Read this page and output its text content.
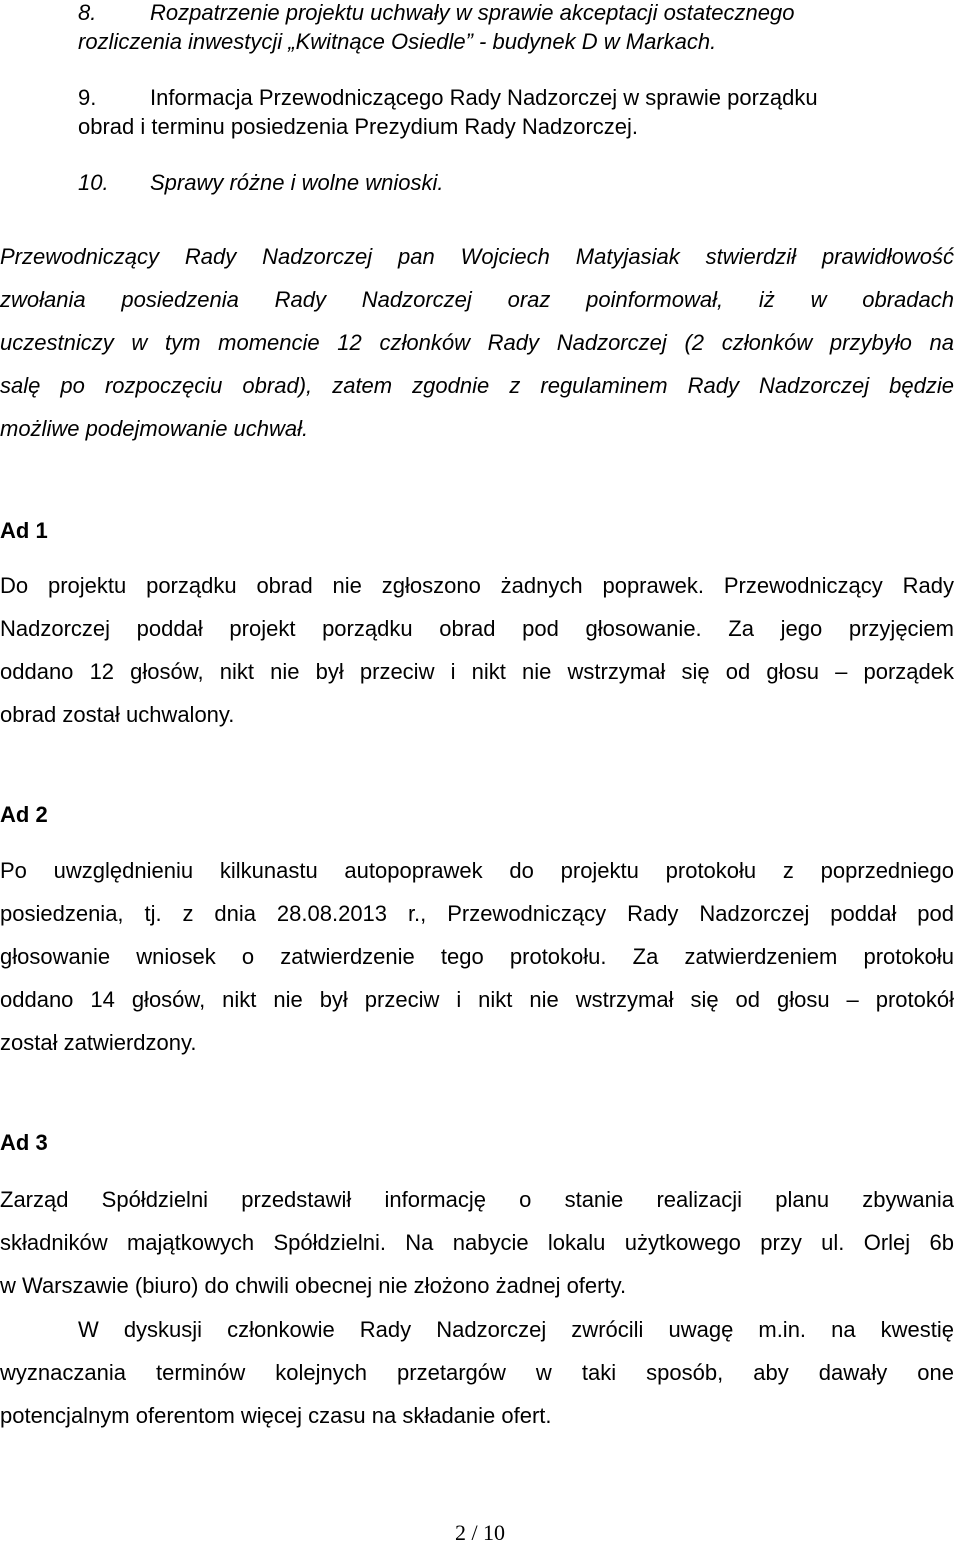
8. Rozpatrzenie projektu uchwały w sprawie akceptacji ostatecznego
rozliczenia inwestycji „Kwitnące Osiedle” - budynek D w Markach.
9. Informacja Przewodniczącego Rady Nadzorczej w sprawie porządku
obrad i terminu posiedzenia Prezydium Rady Nadzorczej.
10. Sprawy różne i wolne wnioski.
Przewodniczący Rady Nadzorczej pan Wojciech Matyjasiak stwierdził prawidłowość
zwołania posiedzenia Rady Nadzorczej oraz poinformował, iż w obradach
uczestniczy w tym momencie 12 członków Rady Nadzorczej (2 członków przybyło na
salę po rozpoczęciu obrad), zatem zgodnie z regulaminem Rady Nadzorczej będzie
możliwe podejmowanie uchwał.
Ad 1
Do projektu porządku obrad nie zgłoszono żadnych poprawek. Przewodniczący Rady
Nadzorczej poddał projekt porządku obrad pod głosowanie. Za jego przyjęciem
oddano 12 głosów, nikt nie był przeciw i nikt nie wstrzymał się od głosu – porządek
obrad został uchwalony.
Ad 2
Po uwzględnieniu kilkunastu autopoprawek do projektu protokołu z poprzedniego
posiedzenia, tj. z dnia 28.08.2013 r., Przewodniczący Rady Nadzorczej poddał pod
głosowanie wniosek o zatwierdzenie tego protokołu. Za zatwierdzeniem protokołu
oddano 14 głosów, nikt nie był przeciw i nikt nie wstrzymał się od głosu – protokół
został zatwierdzony.
Ad 3
Zarząd Spółdzielni przedstawił informację o stanie realizacji planu zbywania
składników majątkowych Spółdzielni. Na nabycie lokalu użytkowego przy ul. Orlej 6b
w Warszawie (biuro) do chwili obecnej nie złożono żadnej oferty.
W dyskusji członkowie Rady Nadzorczej zwrócili uwagę m.in. na kwestię
wyznaczania terminów kolejnych przetargów w taki sposób, aby dawały one
potencjalnym oferentom więcej czasu na składanie ofert.
2 / 10
